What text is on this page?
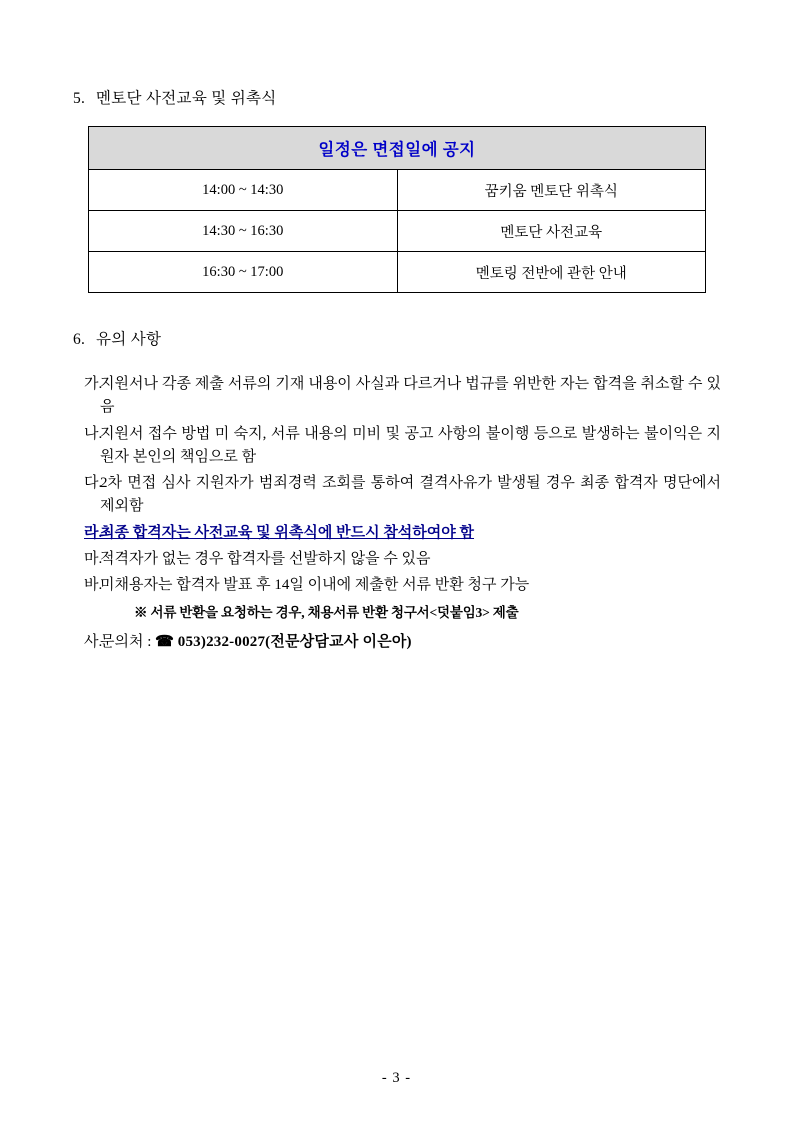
5. 멘토단 사전교육 및 위촉식
일정은 면접일에 공지	
14:00 ~ 14:30	꿈키움 멘토단 위촉식
14:30 ~ 16:30	멘토단 사전교육
16:30 ~ 17:00	멘토링 전반에 관한 안내
6. 유의 사항
가.
지원서나 각종 제출 서류의 기재 내용이 사실과 다르거나 법규를 위반한 자는 합격을 취소할 수 있음
나.
지원서 접수 방법 미 숙지, 서류 내용의 미비 및 공고 사항의 불이행 등으로 발생하는 불이익은 지원자 본인의 책임으로 함
다.
2차 면접 심사 지원자가 범죄경력 조회를 통하여 결격사유가 발생될 경우 최종 합격자 명단에서 제외함
라.
최종 합격자는 사전교육 및 위촉식에 반드시 참석하여야 함
마.
적격자가 없는 경우 합격자를 선발하지 않을 수 있음
바.
미채용자는 합격자 발표 후 14일 이내에 제출한 서류 반환 청구 가능
※ 서류 반환을 요청하는 경우, 채용서류 반환 청구서<덧붙임3> 제출
사.
문의처 : ☎ 053)232-0027(전문상담교사 이은아)
- 3 -
